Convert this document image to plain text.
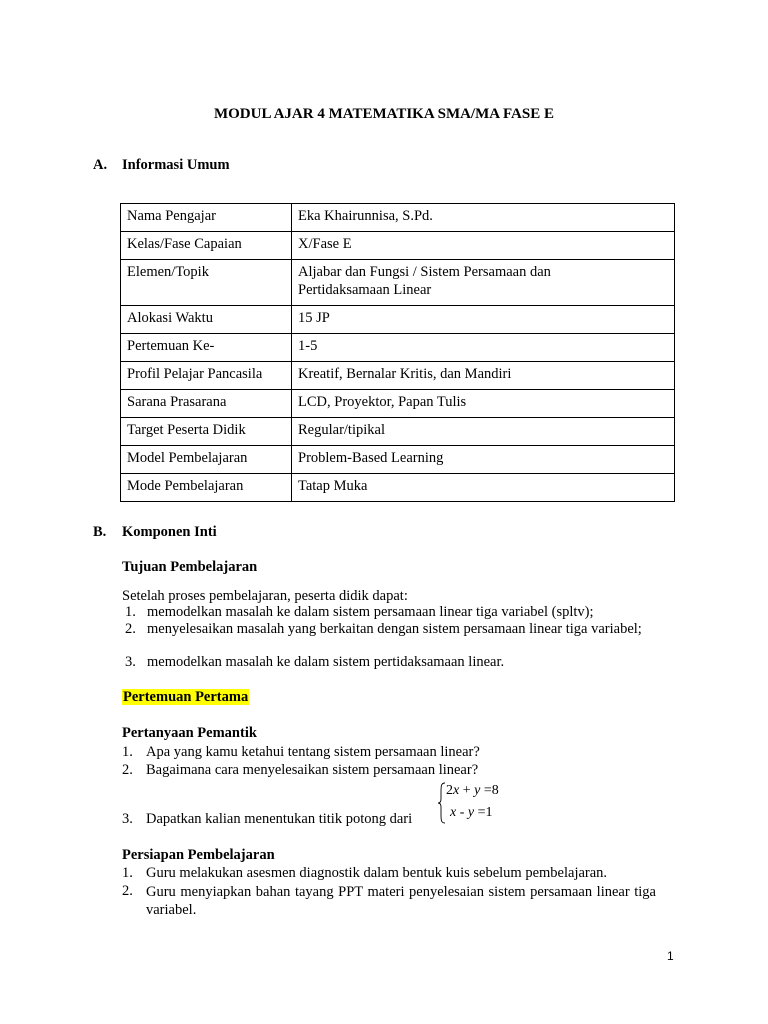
MODUL AJAR 4 MATEMATIKA SMA/MA FASE E
A. Informasi Umum
Nama Pengajar	Eka Khairunnisa, S.Pd.

Kelas/Fase Capaian	X/Fase E

Elemen/Topik	Aljabar dan Fungsi / Sistem Persamaan dan Pertidaksamaan Linear

Alokasi Waktu	15 JP

Pertemuan Ke-	1-5

Profil Pelajar Pancasila	Kreatif, Bernalar Kritis, dan Mandiri

Sarana Prasarana	LCD, Proyektor, Papan Tulis

Target Peserta Didik	Regular/tipikal

Model Pembelajaran	Problem-Based Learning

Mode Pembelajaran	Tatap Muka
B. Komponen Inti
Tujuan Pembelajaran
Setelah proses pembelajaran, peserta didik dapat:
1. memodelkan masalah ke dalam sistem persamaan linear tiga variabel (spltv);
2. menyelesaikan masalah yang berkaitan dengan sistem persamaan linear tiga variabel;
3. memodelkan masalah ke dalam sistem pertidaksamaan linear.
Pertemuan Pertama
Pertanyaan Pemantik
1. Apa yang kamu ketahui tentang sistem persamaan linear?
2. Bagaimana cara menyelesaikan sistem persamaan linear?
3. Dapatkan kalian menentukan titik potong dari
2x + y =8
x - y =1
Persiapan Pembelajaran
1. Guru melakukan asesmen diagnostik dalam bentuk kuis sebelum pembelajaran.
2. Guru menyiapkan bahan tayang PPT materi penyelesaian sistem persamaan linear tiga variabel.
1
